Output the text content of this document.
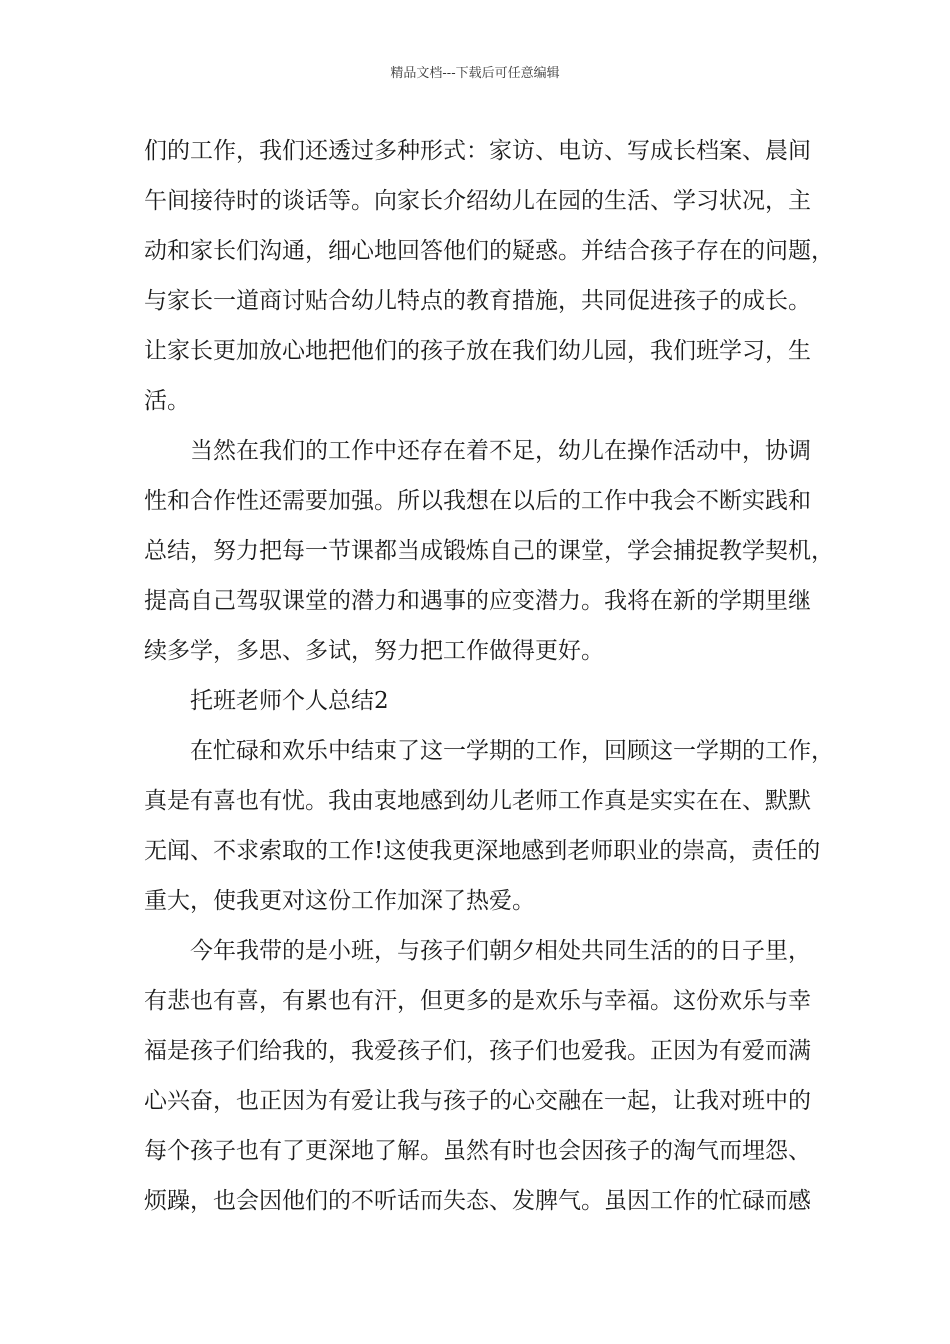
精品文档---下载后可任意编辑
们的工作，我们还透过多种形式：家访、电访、写成长档案、晨间
午间接待时的谈话等。向家长介绍幼儿在园的生活、学习状况，主
动和家长们沟通，细心地回答他们的疑惑。并结合孩子存在的问题，
与家长一道商讨贴合幼儿特点的教育措施，共同促进孩子的成长。
让家长更加放心地把他们的孩子放在我们幼儿园，我们班学习，生
活。
当然在我们的工作中还存在着不足，幼儿在操作活动中，协调
性和合作性还需要加强。所以我想在以后的工作中我会不断实践和
总结，努力把每一节课都当成锻炼自己的课堂，学会捕捉教学契机，
提高自己驾驭课堂的潜力和遇事的应变潜力。我将在新的学期里继
续多学，多思、多试，努力把工作做得更好。
托班老师个人总结2
在忙碌和欢乐中结束了这一学期的工作，回顾这一学期的工作，
真是有喜也有忧。我由衷地感到幼儿老师工作真是实实在在、默默
无闻、不求索取的工作!这使我更深地感到老师职业的崇高，责任的
重大，使我更对这份工作加深了热爱。
今年我带的是小班，与孩子们朝夕相处共同生活的的日子里，
有悲也有喜，有累也有汗，但更多的是欢乐与幸福。这份欢乐与幸
福是孩子们给我的，我爱孩子们，孩子们也爱我。正因为有爱而满
心兴奋，也正因为有爱让我与孩子的心交融在一起，让我对班中的
每个孩子也有了更深地了解。虽然有时也会因孩子的淘气而埋怨、
烦躁，也会因他们的不听话而失态、发脾气。虽因工作的忙碌而感
